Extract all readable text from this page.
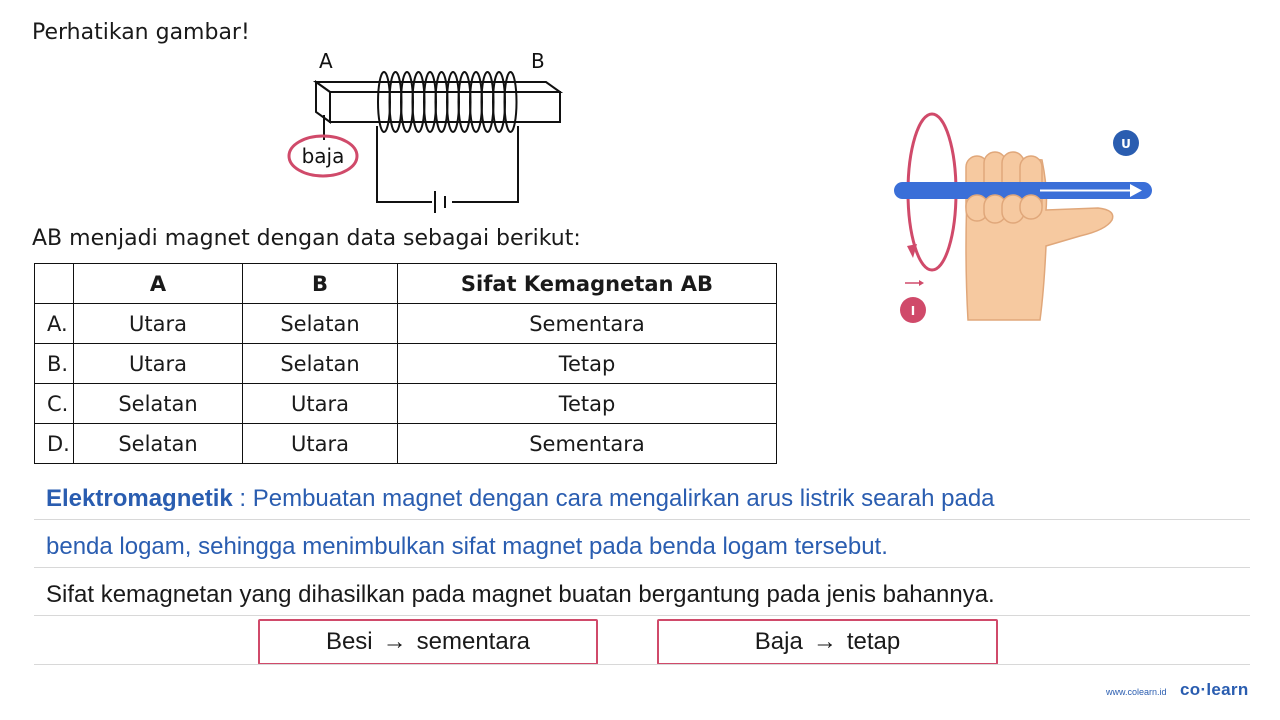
Perhatikan gambar!
A	B
baja
AB menjadi magnet dengan data sebagai berikut:
	A	B	Sifat Kemagnetan AB
A.	Utara	Selatan	Sementara
B.	Utara	Selatan	Tetap
C.	Selatan	Utara	Tetap
D.	Selatan	Utara	Sementara
U
I
Elektromagnetik : Pembuatan magnet dengan cara mengalirkan arus listrik searah pada
benda logam, sehingga menimbulkan sifat magnet pada benda logam tersebut.
Sifat kemagnetan yang dihasilkan pada magnet buatan bergantung pada jenis bahannya.
Besi → sementara	Baja → tetap
www.colearn.id co·learn
